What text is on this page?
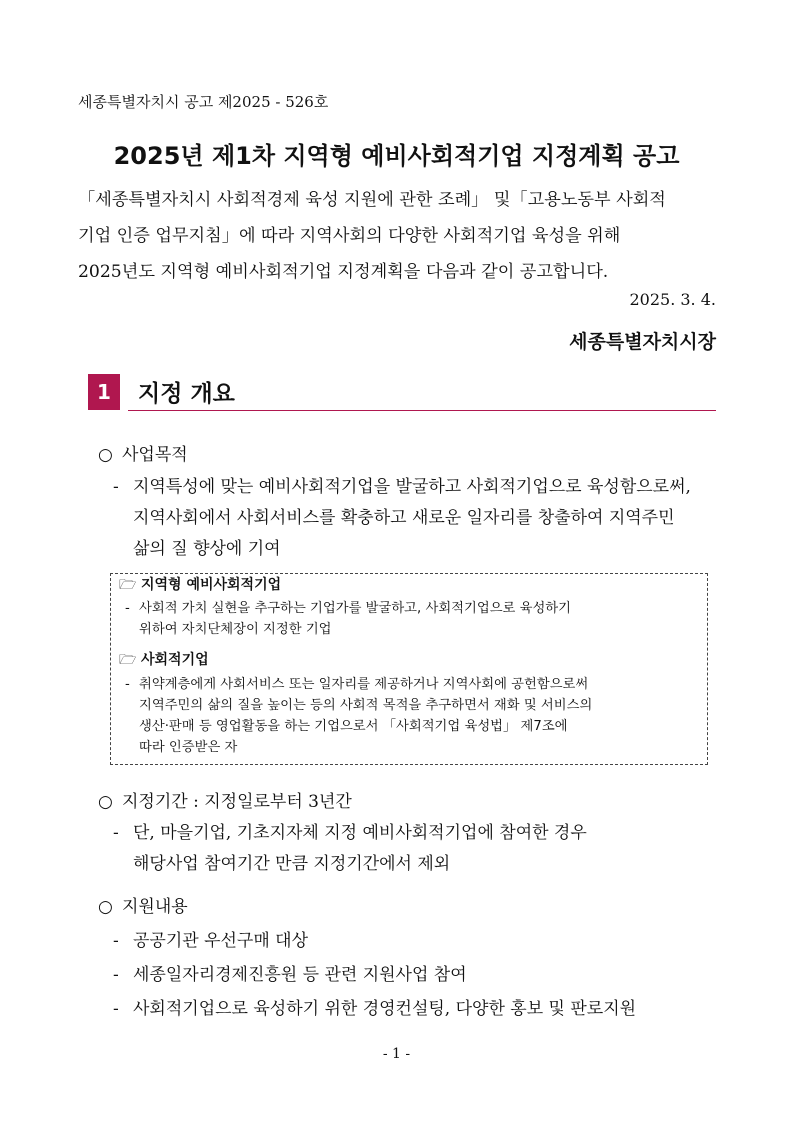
세종특별자치시 공고 제2025 - 526호
2025년 제1차 지역형 예비사회적기업 지정계획 공고
「세종특별자치시 사회적경제 육성 지원에 관한 조례」 및「고용노동부 사회적
기업 인증 업무지침」에 따라 지역사회의 다양한 사회적기업 육성을 위해
2025년도 지역형 예비사회적기업 지정계획을 다음과 같이 공고합니다.
2025. 3. 4.
세종특별자치시장
1	지정 개요
○ 사업목적
- 지역특성에 맞는 예비사회적기업을 발굴하고 사회적기업으로 육성함으로써,
지역사회에서 사회서비스를 확충하고 새로운 일자리를 창출하여 지역주민
삶의 질 향상에 기여
🗁 지역형 예비사회적기업
- 사회적 가치 실현을 추구하는 기업가를 발굴하고, 사회적기업으로 육성하기
위하여 자치단체장이 지정한 기업
🗁 사회적기업
- 취약계층에게 사회서비스 또는 일자리를 제공하거나 지역사회에 공헌함으로써
지역주민의 삶의 질을 높이는 등의 사회적 목적을 추구하면서 재화 및 서비스의
생산·판매 등 영업활동을 하는 기업으로서 「사회적기업 육성법」 제7조에
따라 인증받은 자
○ 지정기간 : 지정일로부터 3년간
- 단, 마을기업, 기초지자체 지정 예비사회적기업에 참여한 경우
해당사업 참여기간 만큼 지정기간에서 제외
○ 지원내용
- 공공기관 우선구매 대상
- 세종일자리경제진흥원 등 관련 지원사업 참여
- 사회적기업으로 육성하기 위한 경영컨설팅, 다양한 홍보 및 판로지원
- 1 -
